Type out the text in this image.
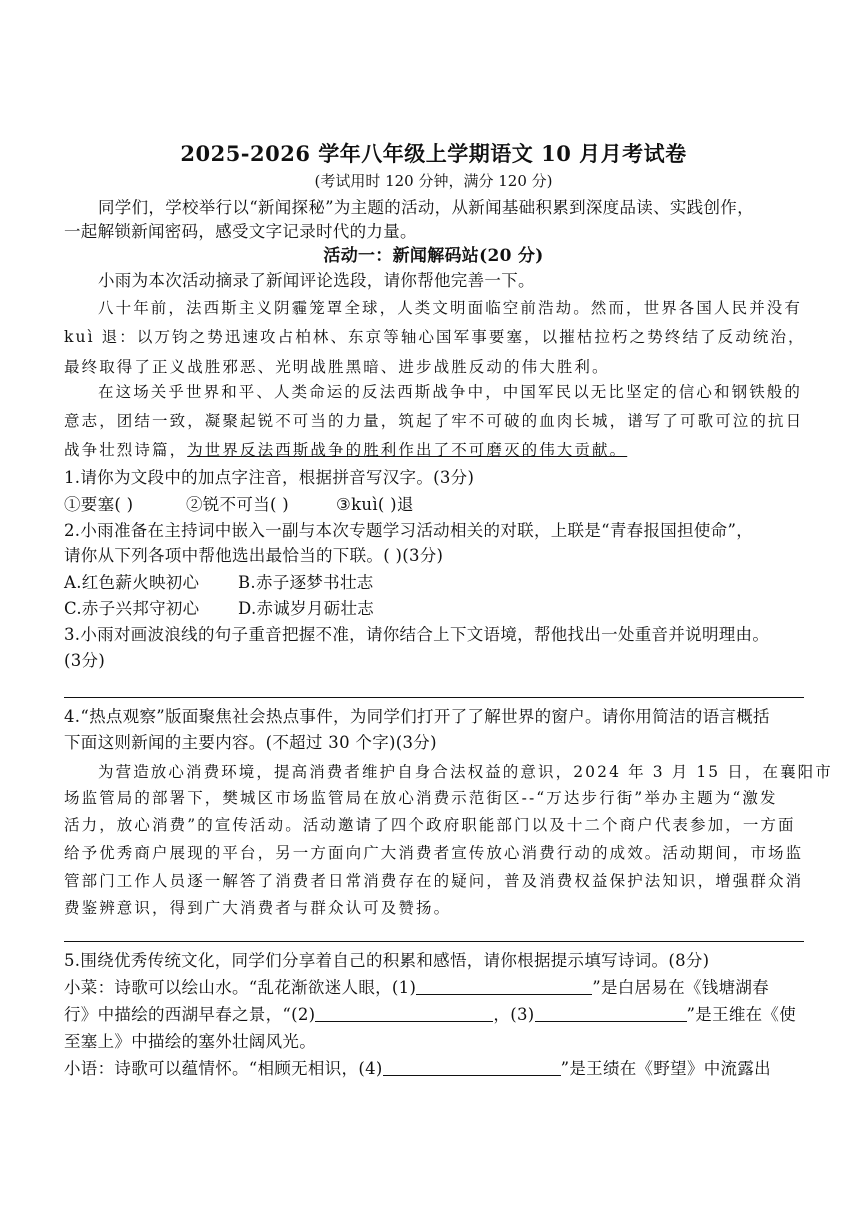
2025-2026 学年八年级上学期语文 10 月月考试卷
(考试用时 120 分钟，满分 120 分)
同学们，学校举行以“新闻探秘”为主题的活动，从新闻基础积累到深度品读、实践创作，
一起解锁新闻密码，感受文字记录时代的力量。
活动一：新闻解码站(20 分)
小雨为本次活动摘录了新闻评论选段，请你帮他完善一下。
八十年前，法西斯主义阴霾笼罩全球，人类文明面临空前浩劫。然而，世界各国人民并没有
kuì 退：以万钧之势迅速攻占柏林、东京等轴心国军事要塞，以摧枯拉朽之势终结了反动统治，
最终取得了正义战胜邪恶、光明战胜黑暗、进步战胜反动的伟大胜利。
在这场关乎世界和平、人类命运的反法西斯战争中，中国军民以无比坚定的信心和钢铁般的
意志，团结一致，凝聚起锐不可当的力量，筑起了牢不可破的血肉长城，谱写了可歌可泣的抗日
战争壮烈诗篇，为世界反法西斯战争的胜利作出了不可磨灭的伟大贡献。
1.请你为文段中的加点字注音，根据拼音写汉字。(3分)
①要塞( )	②锐不可当( )	③kuì( )退
2.小雨准备在主持词中嵌入一副与本次专题学习活动相关的对联，上联是“青春报国担使命”，
请你从下列各项中帮他选出最恰当的下联。( )(3分)
A.红色薪火映初心 B.赤子逐梦书壮志
C.赤子兴邦守初心 D.赤诚岁月砺壮志
3.小雨对画波浪线的句子重音把握不准，请你结合上下文语境，帮他找出一处重音并说明理由。
(3分)
4.“热点观察”版面聚焦社会热点事件，为同学们打开了了解世界的窗户。请你用简洁的语言概括
下面这则新闻的主要内容。(不超过 30 个字)(3分)
为营造放心消费环境，提高消费者维护自身合法权益的意识，2024 年 3 月 15 日，在襄阳市
场监管局的部署下，樊城区市场监管局在放心消费示范街区--“万达步行街”举办主题为“激发
活力，放心消费”的宣传活动。活动邀请了四个政府职能部门以及十二个商户代表参加，一方面
给予优秀商户展现的平台，另一方面向广大消费者宣传放心消费行动的成效。活动期间，市场监
管部门工作人员逐一解答了消费者日常消费存在的疑问，普及消费权益保护法知识，增强群众消
费鉴辨意识，得到广大消费者与群众认可及赞扬。
5.围绕优秀传统文化，同学们分享着自己的积累和感悟，请你根据提示填写诗词。(8分)
小菜：诗歌可以绘山水。“乱花渐欲迷人眼，(1)	”是白居易在《钱塘湖春
行》中描绘的西湖早春之景，“(2)	，(3)	”是王维在《使
至塞上》中描绘的塞外壮阔风光。
小语：诗歌可以蕴情怀。“相顾无相识，(4)	”是王绩在《野望》中流露出
